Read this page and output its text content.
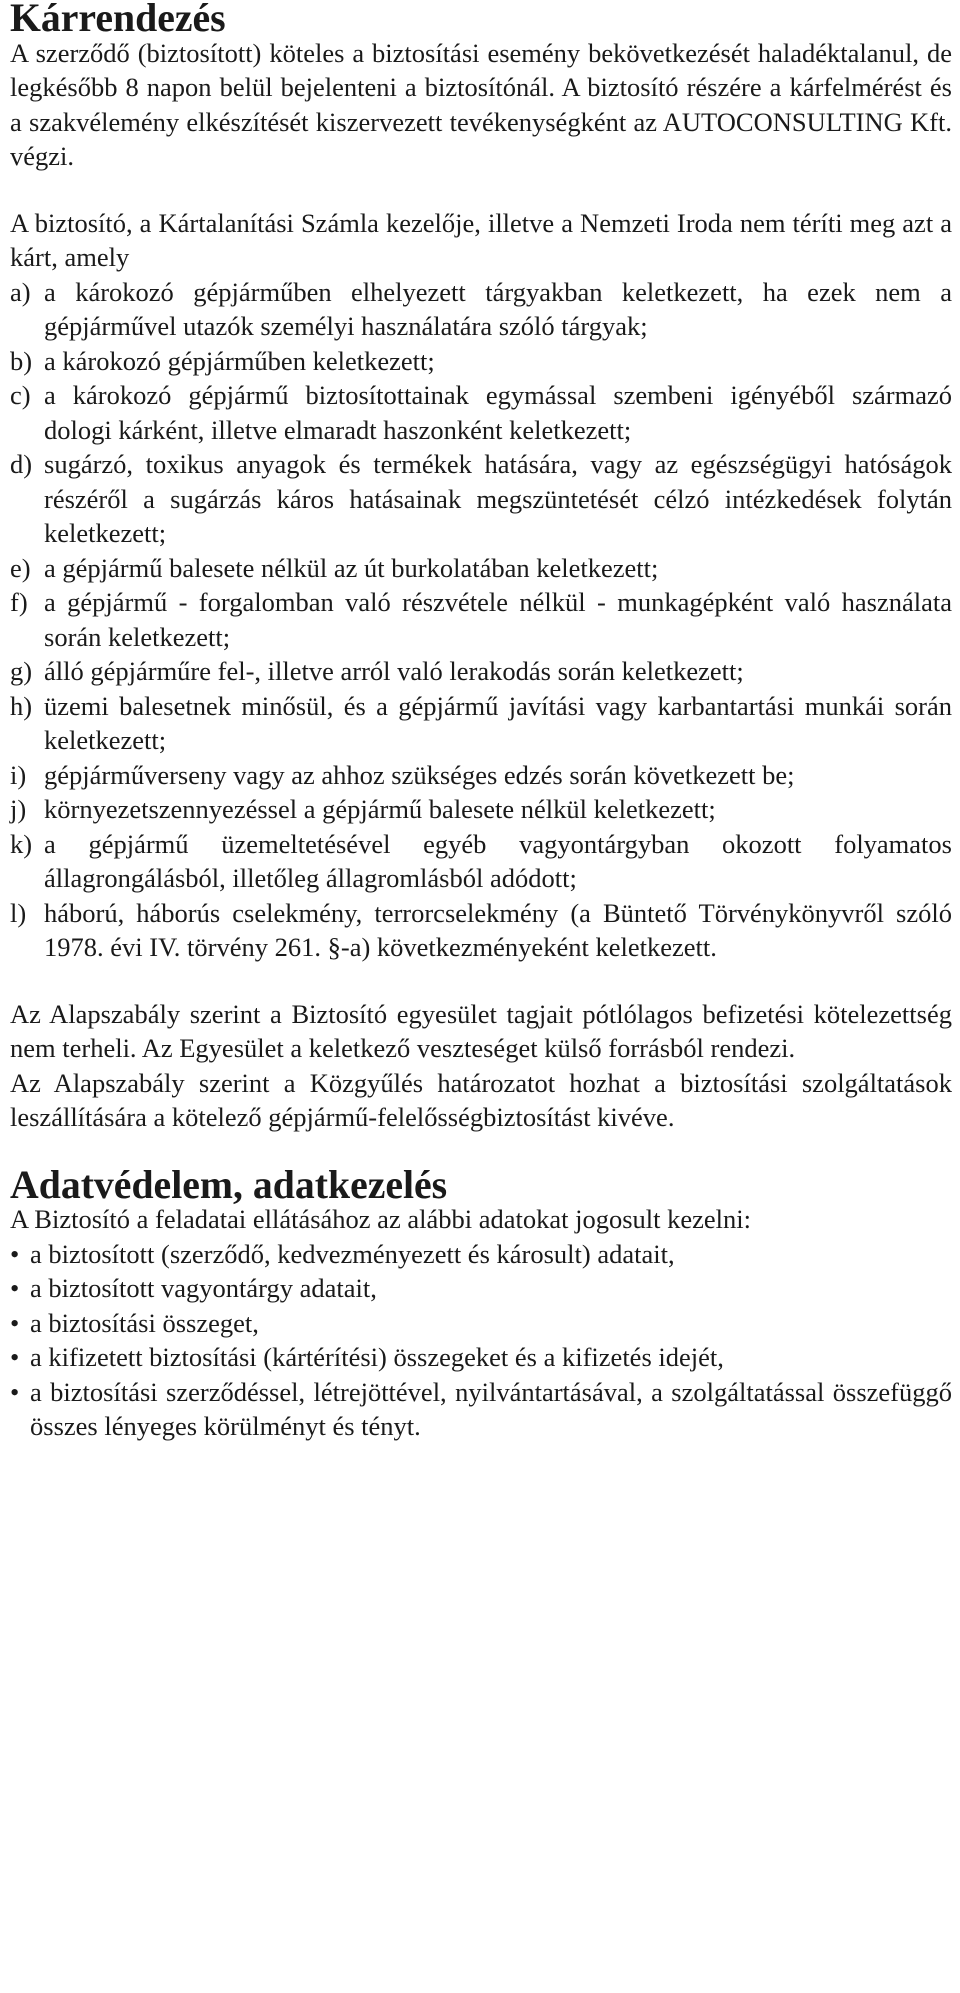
Kárrendezés

A szerződő (biztosított) köteles a biztosítási esemény bekövetkezését haladéktalanul, de legkésőbb 8 napon belül bejelenteni a biztosítónál. A biztosító részére a kárfelmérést és a szakvélemény elkészítését kiszervezett tevékenységként az AUTOCONSULTING Kft. végzi.

A biztosító, a Kártalanítási Számla kezelője, illetve a Nemzeti Iroda nem téríti meg azt a kárt, amely

a) a károkozó gépjárműben elhelyezett tárgyakban keletkezett, ha ezek nem a gépjárművel utazók személyi használatára szóló tárgyak;
b) a károkozó gépjárműben keletkezett;
c) a károkozó gépjármű biztosítottainak egymással szembeni igényéből származó dologi kárként, illetve elmaradt haszonként keletkezett;
d) sugárzó, toxikus anyagok és termékek hatására, vagy az egészségügyi hatóságok részéről a sugárzás káros hatásainak megszüntetését célzó intézkedések folytán keletkezett;
e) a gépjármű balesete nélkül az út burkolatában keletkezett;
f) a gépjármű - forgalomban való részvétele nélkül - munkagépként való használata során keletkezett;
g) álló gépjárműre fel-, illetve arról való lerakodás során keletkezett;
h) üzemi balesetnek minősül, és a gépjármű javítási vagy karbantartási munkái során keletkezett;
i) gépjárműverseny vagy az ahhoz szükséges edzés során következett be;
j) környezetszennyezéssel a gépjármű balesete nélkül keletkezett;
k) a gépjármű üzemeltetésével egyéb vagyontárgyban okozott folyamatos állagrongálásból, illetőleg állagromlásból adódott;
l) háború, háborús cselekmény, terrorcselekmény (a Büntető Törvénykönyvről szóló 1978. évi IV. törvény 261. §-a) következményeként keletkezett.

Az Alapszabály szerint a Biztosító egyesület tagjait pótlólagos befizetési kötelezettség nem terheli. Az Egyesület a keletkező veszteséget külső forrásból rendezi.

Az Alapszabály szerint a Közgyűlés határozatot hozhat a biztosítási szolgáltatások leszállítására a kötelező gépjármű-felelősségbiztosítást kivéve.

Adatvédelem, adatkezelés

A Biztosító a feladatai ellátásához az alábbi adatokat jogosult kezelni:

• a biztosított (szerződő, kedvezményezett és károsult) adatait,
• a biztosított vagyontárgy adatait,
• a biztosítási összeget,
• a kifizetett biztosítási (kártérítési) összegeket és a kifizetés idejét,
• a biztosítási szerződéssel, létrejöttével, nyilvántartásával, a szolgáltatással összefüggő összes lényeges körülményt és tényt.
